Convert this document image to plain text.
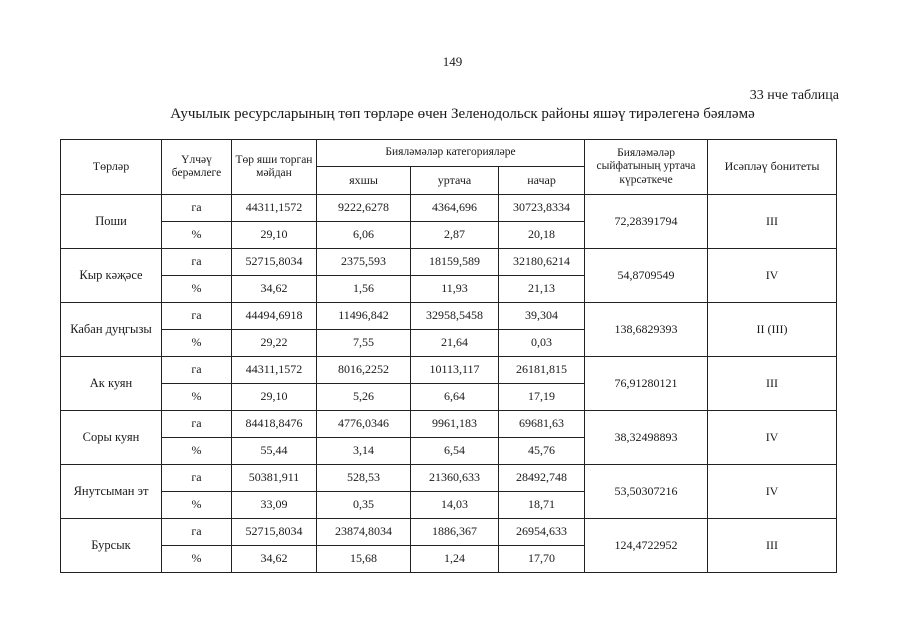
149
33 нче таблица
Аучылык ресурсларының төп төрләре өчен Зеленодольск районы яшәү тирәлегенә бәяләмә
Төрләр	Үлчәү берәмлеге	Төр яши торган мәйдан	Бияләмәләр категорияләре			Бияләмәләр сыйфатының уртача күрсәткече	Исәпләү бонитеты
			яхшы	уртача	начар		
Поши	га	44311,1572	9222,6278	4364,696	30723,8334	72,28391794	III
	%	29,10	6,06	2,87	20,18		
Кыр кәҗәсе	га	52715,8034	2375,593	18159,589	32180,6214	54,8709549	IV
	%	34,62	1,56	11,93	21,13		
Кабан дуңгызы	га	44494,6918	11496,842	32958,5458	39,304	138,6829393	II (III)
	%	29,22	7,55	21,64	0,03		
Ак куян	га	44311,1572	8016,2252	10113,117	26181,815	76,91280121	III
	%	29,10	5,26	6,64	17,19		
Соры куян	га	84418,8476	4776,0346	9961,183	69681,63	38,32498893	IV
	%	55,44	3,14	6,54	45,76		
Янутсыман эт	га	50381,911	528,53	21360,633	28492,748	53,50307216	IV
	%	33,09	0,35	14,03	18,71		
Бурсык	га	52715,8034	23874,8034	1886,367	26954,633	124,4722952	III
	%	34,62	15,68	1,24	17,70		
